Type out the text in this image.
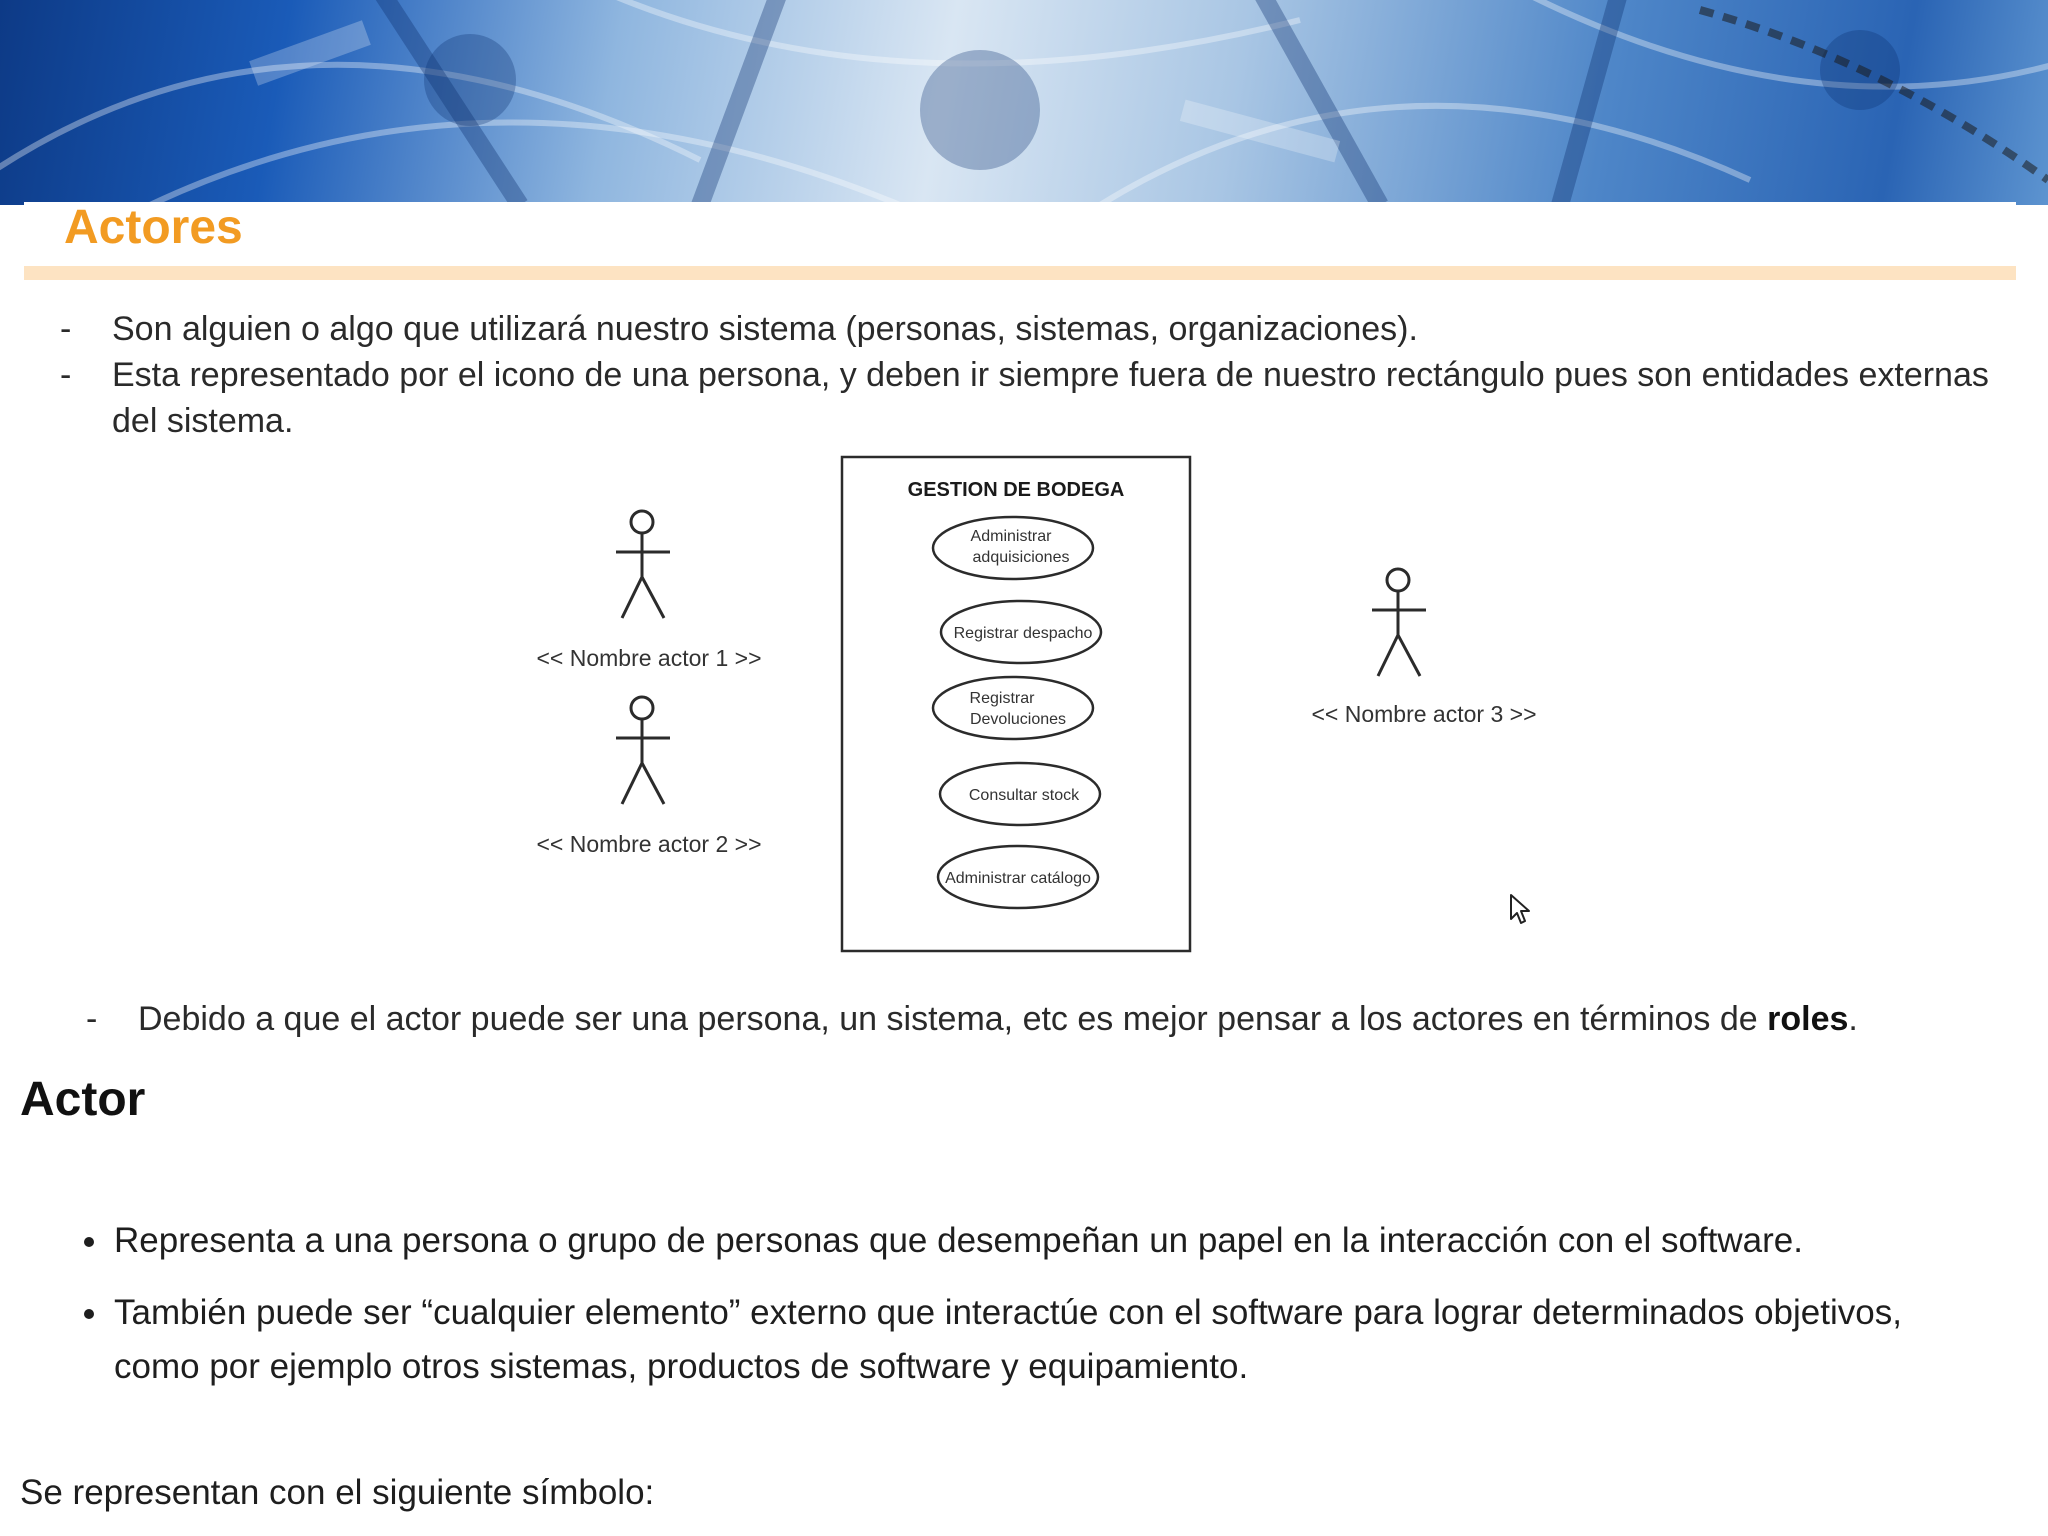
Actores
- Son alguien o algo que utilizará nuestro sistema (personas, sistemas, organizaciones).
- Esta representado por el icono de una persona, y deben ir siempre fuera de nuestro rectángulo pues son entidades externas del sistema.
GESTION DE BODEGA
Administrar
adquisiciones
Registrar despacho
Registrar
Devoluciones
Consultar stock
Administrar catálogo
<< Nombre actor 1 >>
<< Nombre actor 2 >>
<< Nombre actor 3 >>
- Debido a que el actor puede ser una persona, un sistema, etc es mejor pensar a los actores en términos de roles.
Actor
Representa a una persona o grupo de personas que desempeñan un papel en la interacción con el software.
También puede ser “cualquier elemento” externo que interactúe con el software para lograr determinados objetivos, como por ejemplo otros sistemas, productos de software y equipamiento.

Se representan con el siguiente símbolo:
